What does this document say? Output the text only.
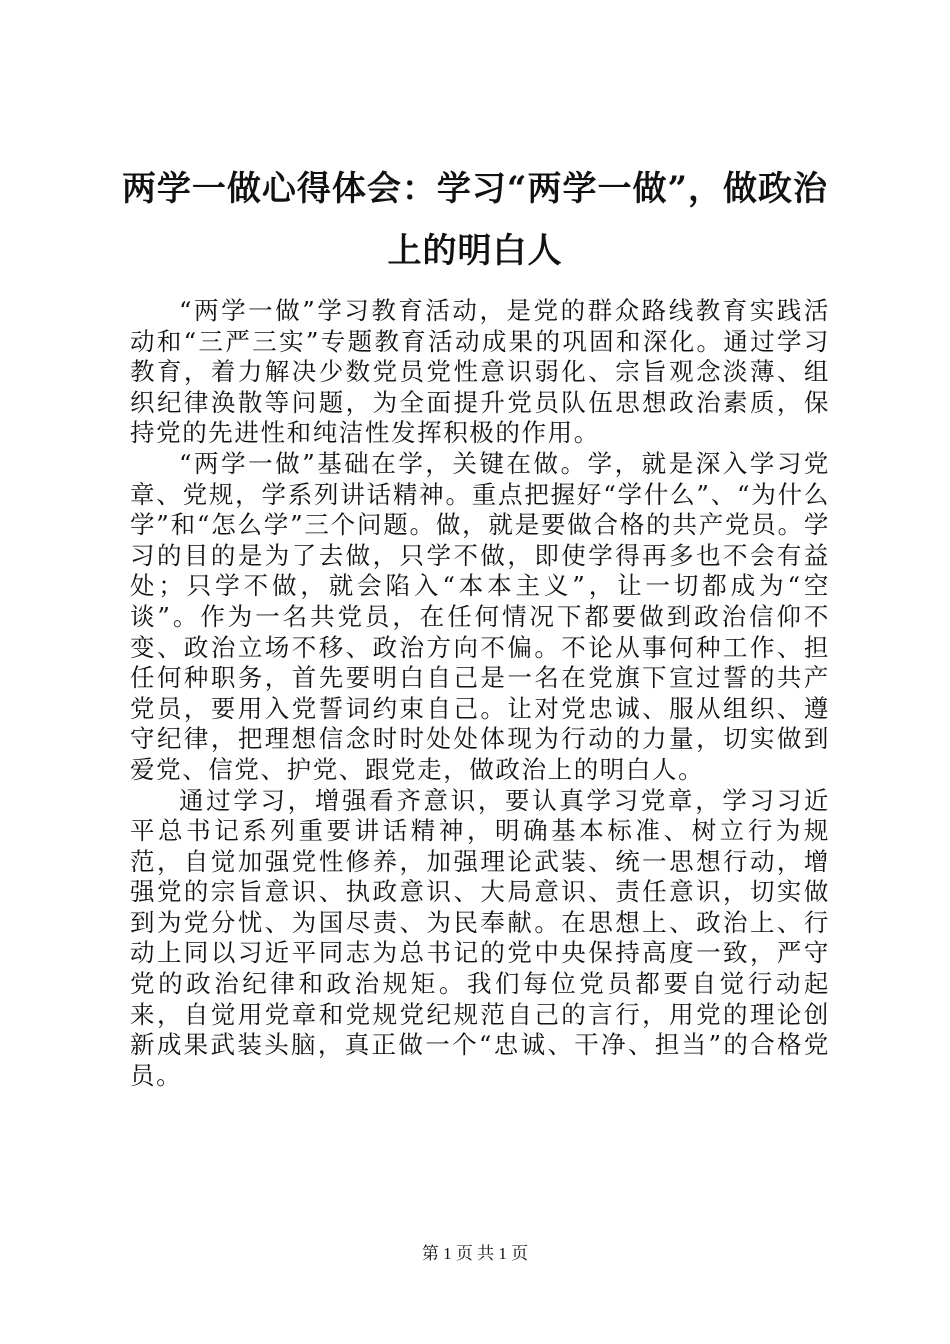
两学一做心得体会：学习“两学一做”，做政治上的明白人

“两学一做”学习教育活动，是党的群众路线教育实践活动和“三严三实”专题教育活动成果的巩固和深化。通过学习教育，着力解决少数党员党性意识弱化、宗旨观念淡薄、组织纪律涣散等问题，为全面提升党员队伍思想政治素质，保持党的先进性和纯洁性发挥积极的作用。

“两学一做”基础在学，关键在做。学，就是深入学习党章、党规，学系列讲话精神。重点把握好“学什么”、“为什么学”和“怎么学”三个问题。做，就是要做合格的共产党员。学习的目的是为了去做，只学不做，即使学得再多也不会有益处；只学不做，就会陷入“本本主义”，让一切都成为“空谈”。作为一名共党员，在任何情况下都要做到政治信仰不变、政治立场不移、政治方向不偏。不论从事何种工作、担任何种职务，首先要明白自己是一名在党旗下宣过誓的共产党员，要用入党誓词约束自己。让对党忠诚、服从组织、遵守纪律，把理想信念时时处处体现为行动的力量，切实做到爱党、信党、护党、跟党走，做政治上的明白人。

通过学习，增强看齐意识，要认真学习党章，学习习近平总书记系列重要讲话精神，明确基本标准、树立行为规范，自觉加强党性修养，加强理论武装、统一思想行动，增强党的宗旨意识、执政意识、大局意识、责任意识，切实做到为党分忧、为国尽责、为民奉献。在思想上、政治上、行动上同以习近平同志为总书记的党中央保持高度一致，严守党的政治纪律和政治规矩。我们每位党员都要自觉行动起来，自觉用党章和党规党纪规范自己的言行，用党的理论创新成果武装头脑，真正做一个“忠诚、干净、担当”的合格党员。

第 1 页 共 1 页
